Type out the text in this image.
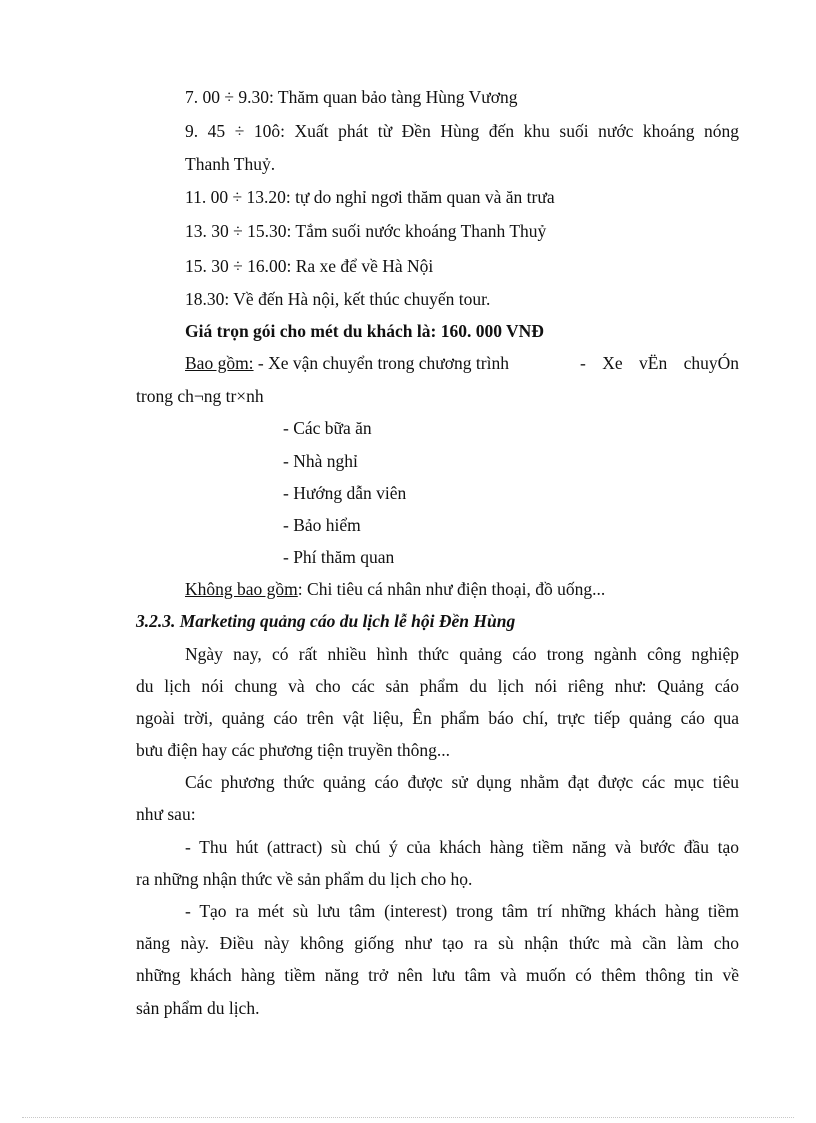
7. 00 ÷ 9.30: Thăm quan bảo tàng Hùng Vương
9. 45 ÷ 10ô: Xuất phát từ Đền Hùng đến khu suối nước khoáng nóng
Thanh Thuỷ.
11. 00 ÷ 13.20: tự do nghỉ ngơi thăm quan và ăn trưa
13. 30 ÷ 15.30: Tắm suối nước khoáng Thanh Thuỷ
15. 30 ÷ 16.00: Ra xe để về Hà Nội
18.30: Về đến Hà nội, kết thúc chuyến tour.
Giá trọn gói cho mét du khách là: 160. 000 VNĐ
Bao gồm: - Xe vận chuyển trong chương trình	- Xe vËn chuyÓn
trong ch¬ng tr×nh
- Các bữa ăn
- Nhà nghỉ
- Hướng dẫn viên
- Bảo hiểm
- Phí thăm quan
Không bao gồm: Chi tiêu cá nhân như điện thoại, đồ uống...
3.2.3. Marketing quảng cáo du lịch lễ hội Đền Hùng
Ngày nay, có rất nhiều hình thức quảng cáo trong ngành công nghiệp
du lịch nói chung và cho các sản phẩm du lịch nói riêng như: Quảng cáo
ngoài trời, quảng cáo trên vật liệu, Ên phẩm báo chí, trực tiếp quảng cáo qua
bưu điện hay các phương tiện truyền thông...
Các phương thức quảng cáo được sử dụng nhằm đạt được các mục tiêu
như sau:
- Thu hút (attract) sù chú ý của khách hàng tiềm năng và bước đầu tạo
ra những nhận thức về sản phẩm du lịch cho họ.
- Tạo ra mét sù lưu tâm (interest) trong tâm trí những khách hàng tiềm
năng này. Điều này không giống như tạo ra sù nhận thức mà cần làm cho
những khách hàng tiềm năng trở nên lưu tâm và muốn có thêm thông tin về
sản phẩm du lịch.
